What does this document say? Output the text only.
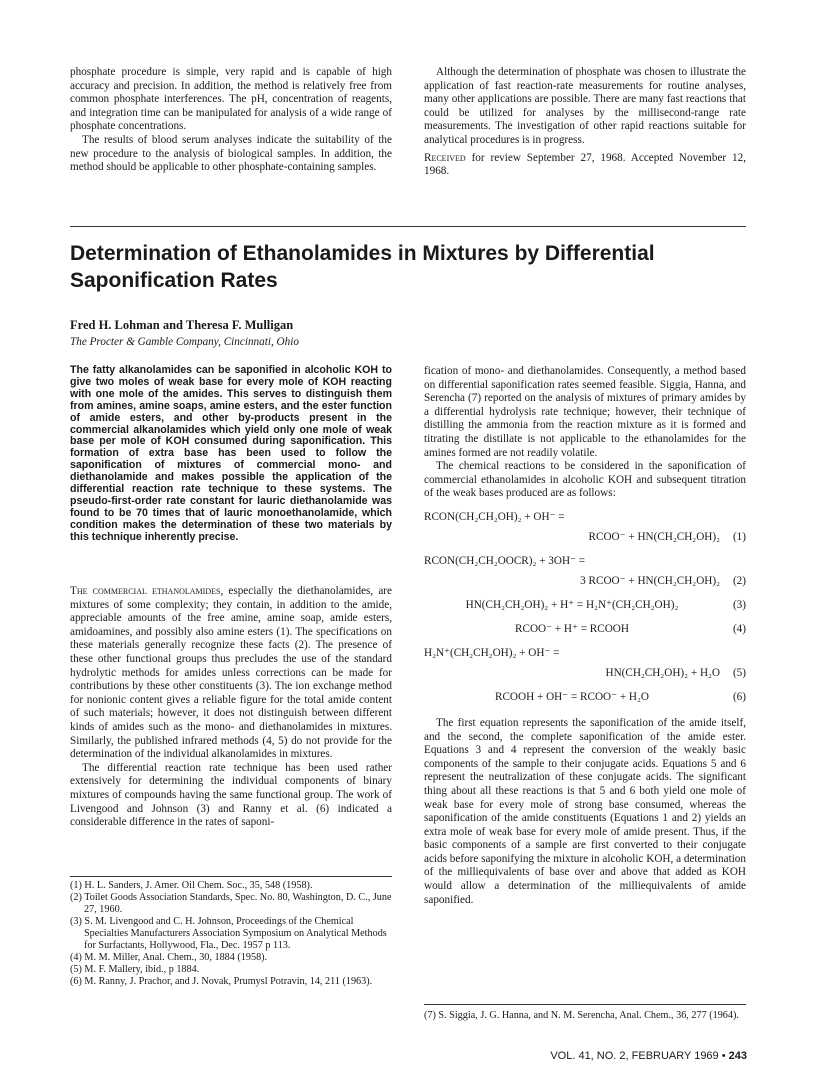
phosphate procedure is simple, very rapid and is capable of high accuracy and precision. In addition, the method is relatively free from common phosphate interferences. The pH, concentration of reagents, and integration time can be manipulated for analysis of a wide range of phosphate concentrations.

The results of blood serum analyses indicate the suitability of the new procedure to the analysis of biological samples. In addition, the method should be applicable to other phosphate-containing samples.

Although the determination of phosphate was chosen to illustrate the application of fast reaction-rate measurements for routine analyses, many other applications are possible. There are many fast reactions that could be utilized for analyses by the millisecond-range rate measurements. The investigation of other rapid reactions suitable for analytical procedures is in progress.

Received for review September 27, 1968. Accepted November 12, 1968.

Determination of Ethanolamides in Mixtures by Differential Saponification Rates
Fred H. Lohman and Theresa F. Mulligan
The Procter & Gamble Company, Cincinnati, Ohio

The fatty alkanolamides can be saponified in alcoholic KOH to give two moles of weak base for every mole of KOH reacting with one mole of the amides. This serves to distinguish them from amines, amine soaps, amine esters, and the ester function of amide esters, and other by-products present in the commercial alkanolamides which yield only one mole of weak base per mole of KOH consumed during saponification. This formation of extra base has been used to follow the saponification of mixtures of commercial mono- and diethanolamide and makes possible the application of the differential reaction rate technique to these systems. The pseudo-first-order rate constant for lauric diethanolamide was found to be 70 times that of lauric monoethanolamide, which condition makes the determination of these two materials by this technique inherently precise.

The commercial ethanolamides, especially the diethanolamides, are mixtures of some complexity; they contain, in addition to the amide, appreciable amounts of the free amine, amine soap, amide esters, amidoamines, and possibly also amine esters (1). The specifications on these materials generally recognize these facts (2). The presence of these other functional groups thus precludes the use of the standard hydrolytic methods for amides unless corrections can be made for contributions by these other constituents (3). The ion exchange method for nonionic content gives a reliable figure for the total amide content of such materials; however, it does not distinguish between different kinds of amides such as the mono- and diethanolamides in mixtures. Similarly, the published infrared methods (4, 5) do not provide for the determination of the individual alkanolamides in mixtures.

The differential reaction rate technique has been used rather extensively for determining the individual components of binary mixtures of compounds having the same functional group. The work of Livengood and Johnson (3) and Ranny et al. (6) indicated a considerable difference in the rates of saponi-

(1) H. L. Sanders, J. Amer. Oil Chem. Soc., 35, 548 (1958).

(2) Toilet Goods Association Standards, Spec. No. 80, Washington, D. C., June 27, 1960.

(3) S. M. Livengood and C. H. Johnson, Proceedings of the Chemical Specialties Manufacturers Association Symposium on Analytical Methods for Surfactants, Hollywood, Fla., Dec. 1957 p 113.

(4) M. M. Miller, Anal. Chem., 30, 1884 (1958).

(5) M. F. Mallery, ibid., p 1884.

(6) M. Ranny, J. Prachor, and J. Novak, Prumysl Potravin, 14, 211 (1963).

fication of mono- and diethanolamides. Consequently, a method based on differential saponification rates seemed feasible. Siggia, Hanna, and Serencha (7) reported on the analysis of mixtures of primary amides by a differential hydrolysis rate technique; however, their technique of distilling the ammonia from the reaction mixture as it is formed and titrating the distillate is not applicable to the ethanolamides for the amines formed are not readily volatile.

The chemical reactions to be considered in the saponification of commercial ethanolamides in alcoholic KOH and subsequent titration of the weak bases produced are as follows:

RCON(CH₂CH₂OH)₂ + OH⁻ =
RCOO⁻ + HN(CH₂CH₂OH)₂ (1)
RCON(CH₂CH₂OOCR)₂ + 3OH⁻ =
3 RCOO⁻ + HN(CH₂CH₂OH)₂ (2)
HN(CH₂CH₂OH)₂ + H⁺ = H₂N⁺(CH₂CH₂OH)₂	(3)
RCOO⁻ + H⁺ = RCOOH	(4)
H₂N⁺(CH₂CH₂OH)₂ + OH⁻ =
HN(CH₂CH₂OH)₂ + H₂O (5)
RCOOH + OH⁻ = RCOO⁻ + H₂O	(6)

The first equation represents the saponification of the amide itself, and the second, the complete saponification of the amide ester. Equations 3 and 4 represent the conversion of the weakly basic components of the sample to their conjugate acids. Equations 5 and 6 represent the neutralization of these conjugate acids. The significant thing about all these reactions is that 5 and 6 both yield one mole of weak base for every mole of strong base consumed, whereas the saponification of the amide constituents (Equations 1 and 2) yields an extra mole of weak base for every mole of amide present. Thus, if the basic components of a sample are first converted to their conjugate acids before saponifying the mixture in alcoholic KOH, a determination of the milliequivalents of base over and above that added as KOH would allow a determination of the milliequivalents of amide saponified.

(7) S. Siggia, J. G. Hanna, and N. M. Serencha, Anal. Chem., 36, 277 (1964).

VOL. 41, NO. 2, FEBRUARY 1969 • 243
